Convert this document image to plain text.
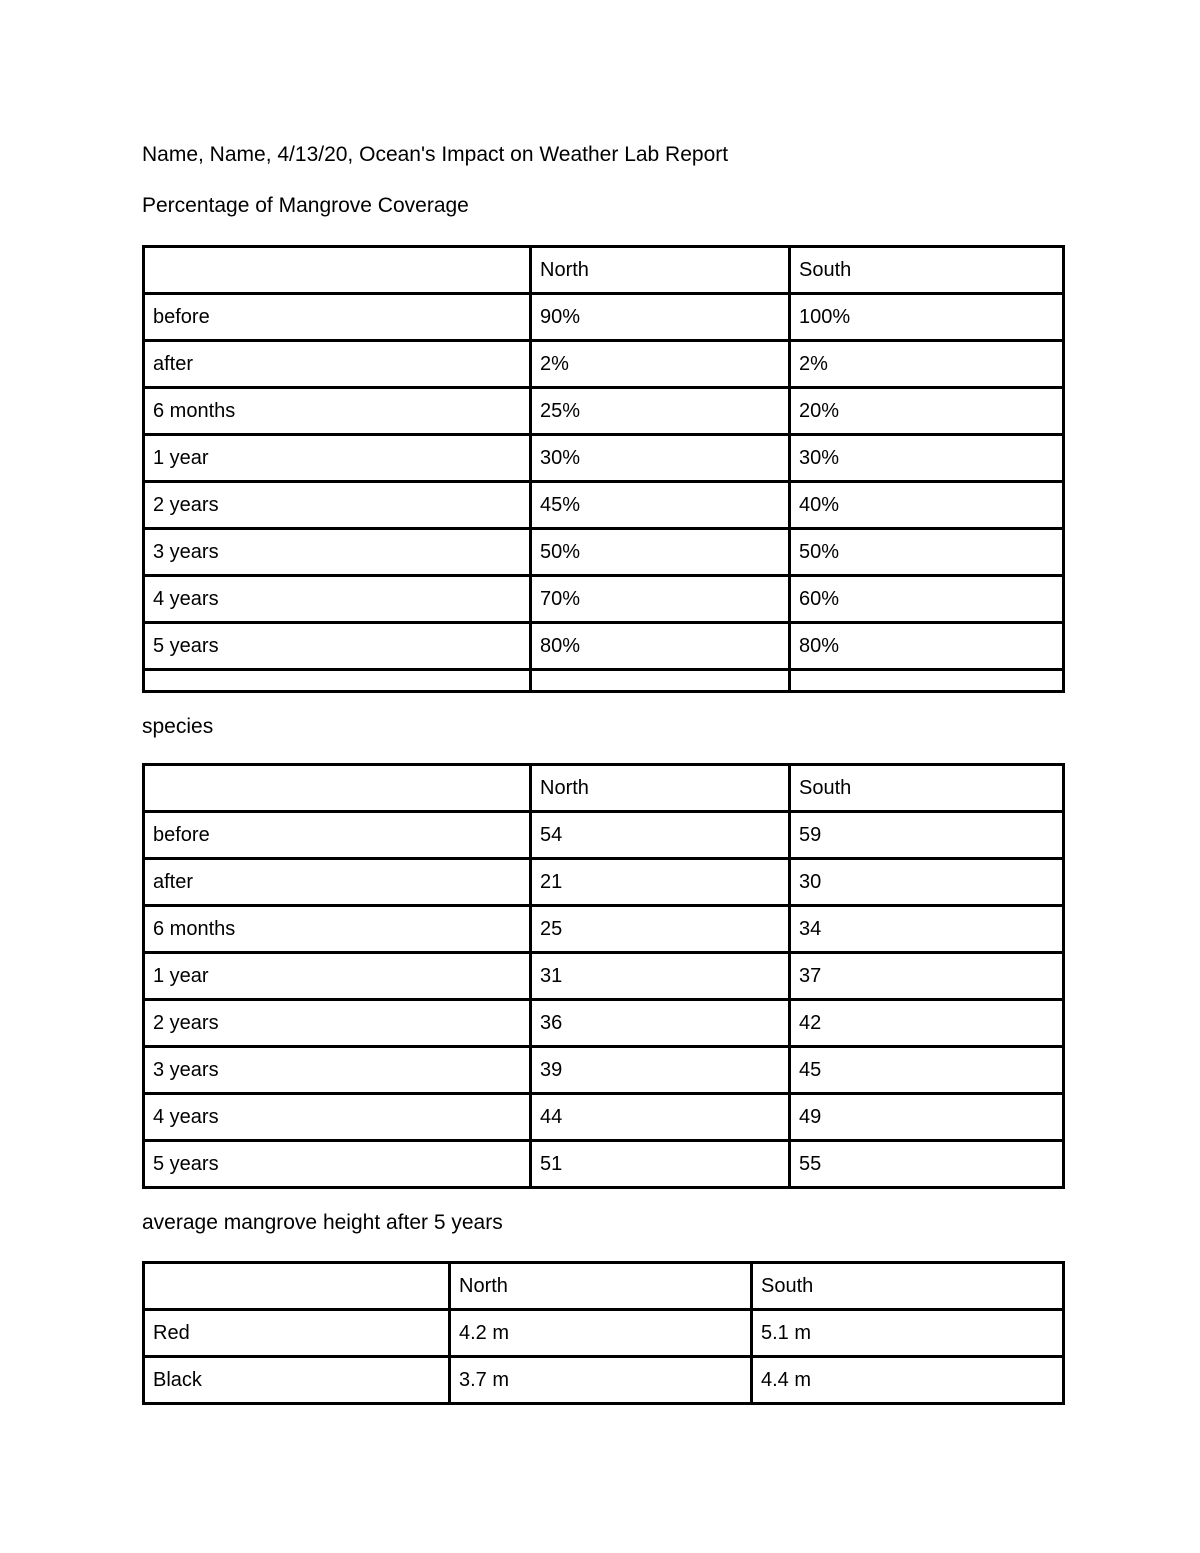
Name, Name, 4/13/20, Ocean's Impact on Weather Lab Report

Percentage of Mangrove Coverage

	North	South
before	90%	100%
after	2%	2%
6 months	25%	20%
1 year	30%	30%
2 years	45%	40%
3 years	50%	50%
4 years	70%	60%
5 years	80%	80%

species

	North	South
before	54	59
after	21	30
6 months	25	34
1 year	31	37
2 years	36	42
3 years	39	45
4 years	44	49
5 years	51	55

average mangrove height after 5 years

	North	South
Red	4.2 m	5.1 m
Black	3.7 m	4.4 m
